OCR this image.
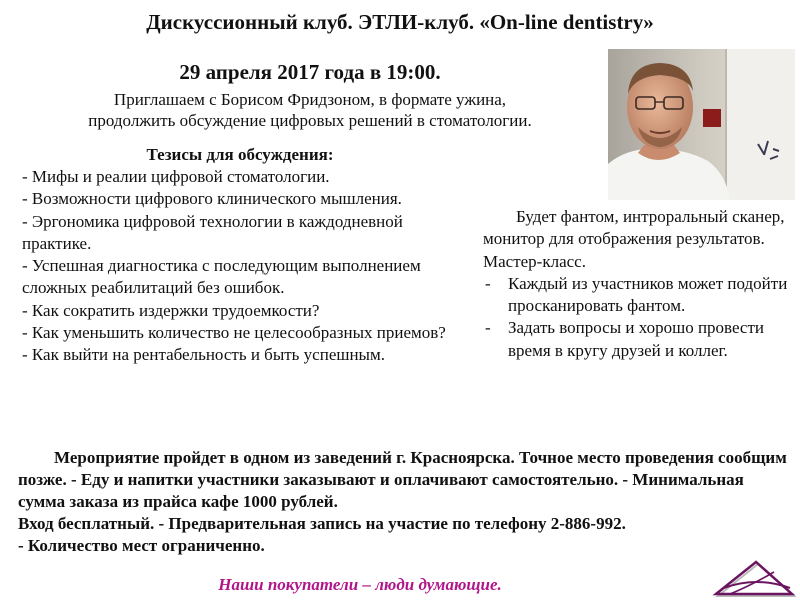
Дискуссионный клуб. ЭТЛИ-клуб. «On-line dentistry»
29 апреля 2017 года в 19:00.
Приглашаем с Борисом Фридзоном, в формате ужина,
продолжить обсуждение цифровых решений в стоматологии.
Тезисы для обсуждения:
- Мифы и реалии цифровой стоматологии.
- Возможности цифрового клинического мышления.
- Эргономика цифровой технологии в каждодневной практике.
- Успешная диагностика с последующим выполнением сложных реабилитаций без ошибок.
- Как сократить издержки трудоемкости?
- Как уменьшить количество не целесообразных приемов?
- Как выйти на рентабельность и быть успешным.
Будет фантом, интроральный сканер, монитор для отображения результатов. Мастер-класс.
- Каждый из участников может подойти просканировать фантом.
- Задать вопросы и хорошо провести время в кругу друзей и коллег.
Мероприятие пройдет в одном из заведений г. Красноярска. Точное место проведения сообщим позже. - Еду и напитки участники заказывают и оплачивают самостоятельно. - Минимальная сумма заказа из прайса кафе 1000 рублей.
Вход бесплатный. - Предварительная запись на участие по телефону 2-886-992.
- Количество мест ограниченно.
Наши покупатели – люди думающие.
